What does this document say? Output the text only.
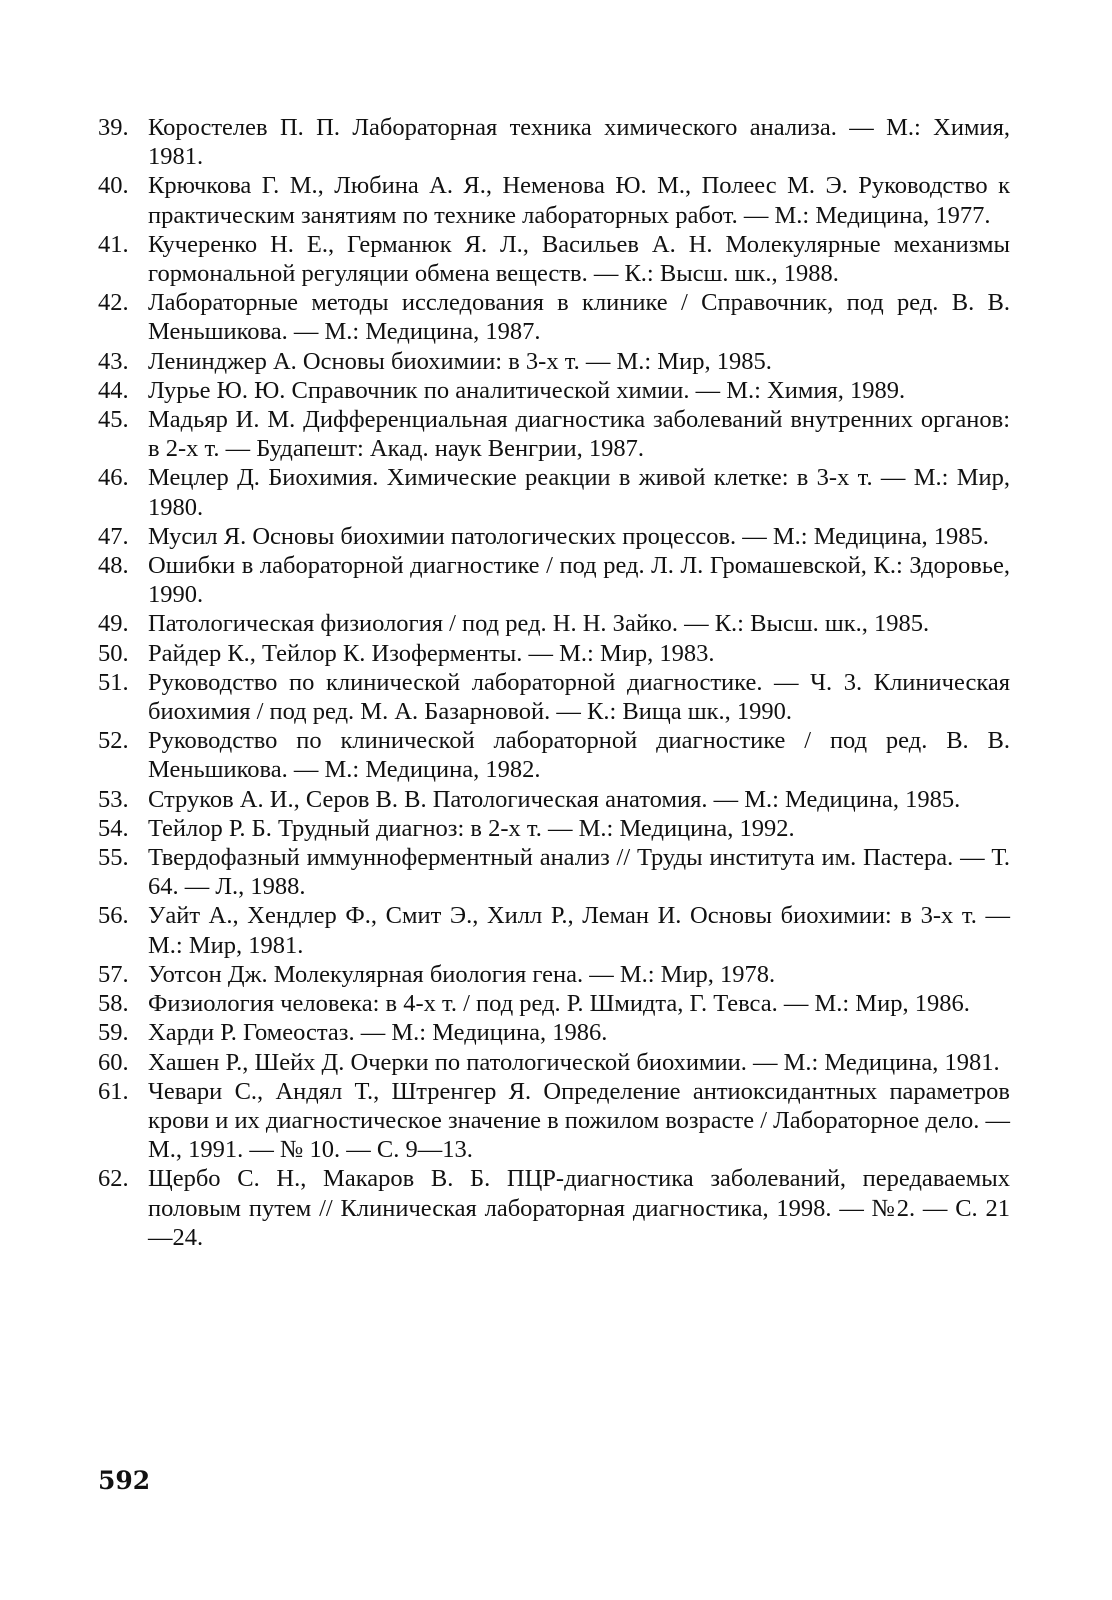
39. Коростелев П. П. Лабораторная техника химического анализа. — М.: Химия, 1981.
40. Крючкова Г. М., Любина А. Я., Неменова Ю. М., Полеес М. Э. Руководство к практическим занятиям по технике лабораторных работ. — М.: Медицина, 1977.
41. Кучеренко Н. Е., Германюк Я. Л., Васильев А. Н. Молекулярные механизмы гормональной регуляции обмена веществ. — К.: Высш. шк., 1988.
42. Лабораторные методы исследования в клинике / Справочник, под ред. В. В. Меньшикова. — М.: Медицина, 1987.
43. Ленинджер А. Основы биохимии: в 3-х т. — М.: Мир, 1985.
44. Лурье Ю. Ю. Справочник по аналитической химии. — М.: Химия, 1989.
45. Мадьяр И. М. Дифференциальная диагностика заболеваний внутренних органов: в 2-х т. — Будапешт: Акад. наук Венгрии, 1987.
46. Мецлер Д. Биохимия. Химические реакции в живой клетке: в 3-х т. — М.: Мир, 1980.
47. Мусил Я. Основы биохимии патологических процессов. — М.: Медицина, 1985.
48. Ошибки в лабораторной диагностике / под ред. Л. Л. Громашевской, К.: Здоровье, 1990.
49. Патологическая физиология / под ред. Н. Н. Зайко. — К.: Высш. шк., 1985.
50. Райдер К., Тейлор К. Изоферменты. — М.: Мир, 1983.
51. Руководство по клинической лабораторной диагностике. — Ч. 3. Клиническая биохимия / под ред. М. А. Базарновой. — К.: Вища шк., 1990.
52. Руководство по клинической лабораторной диагностике / под ред. В. В. Меньшикова. — М.: Медицина, 1982.
53. Струков А. И., Серов В. В. Патологическая анатомия. — М.: Медицина, 1985.
54. Тейлор Р. Б. Трудный диагноз: в 2-х т. — М.: Медицина, 1992.
55. Твердофазный иммунноферментный анализ // Труды института им. Пастера. — Т. 64. — Л., 1988.
56. Уайт А., Хендлер Ф., Смит Э., Хилл Р., Леман И. Основы биохимии: в 3-х т. — М.: Мир, 1981.
57. Уотсон Дж. Молекулярная биология гена. — М.: Мир, 1978.
58. Физиология человека: в 4-х т. / под ред. Р. Шмидта, Г. Тевса. — М.: Мир, 1986.
59. Харди Р. Гомеостаз. — М.: Медицина, 1986.
60. Хашен Р., Шейх Д. Очерки по патологической биохимии. — М.: Медицина, 1981.
61. Чевари С., Андял Т., Штренгер Я. Определение антиоксидантных параметров крови и их диагностическое значение в пожилом возрасте / Лабораторное дело. — М., 1991. — № 10. — С. 9—13.
62. Щербо С. Н., Макаров В. Б. ПЦР-диагностика заболеваний, передаваемых половым путем // Клиническая лабораторная диагностика, 1998. — №2. — С. 21—24.
592
